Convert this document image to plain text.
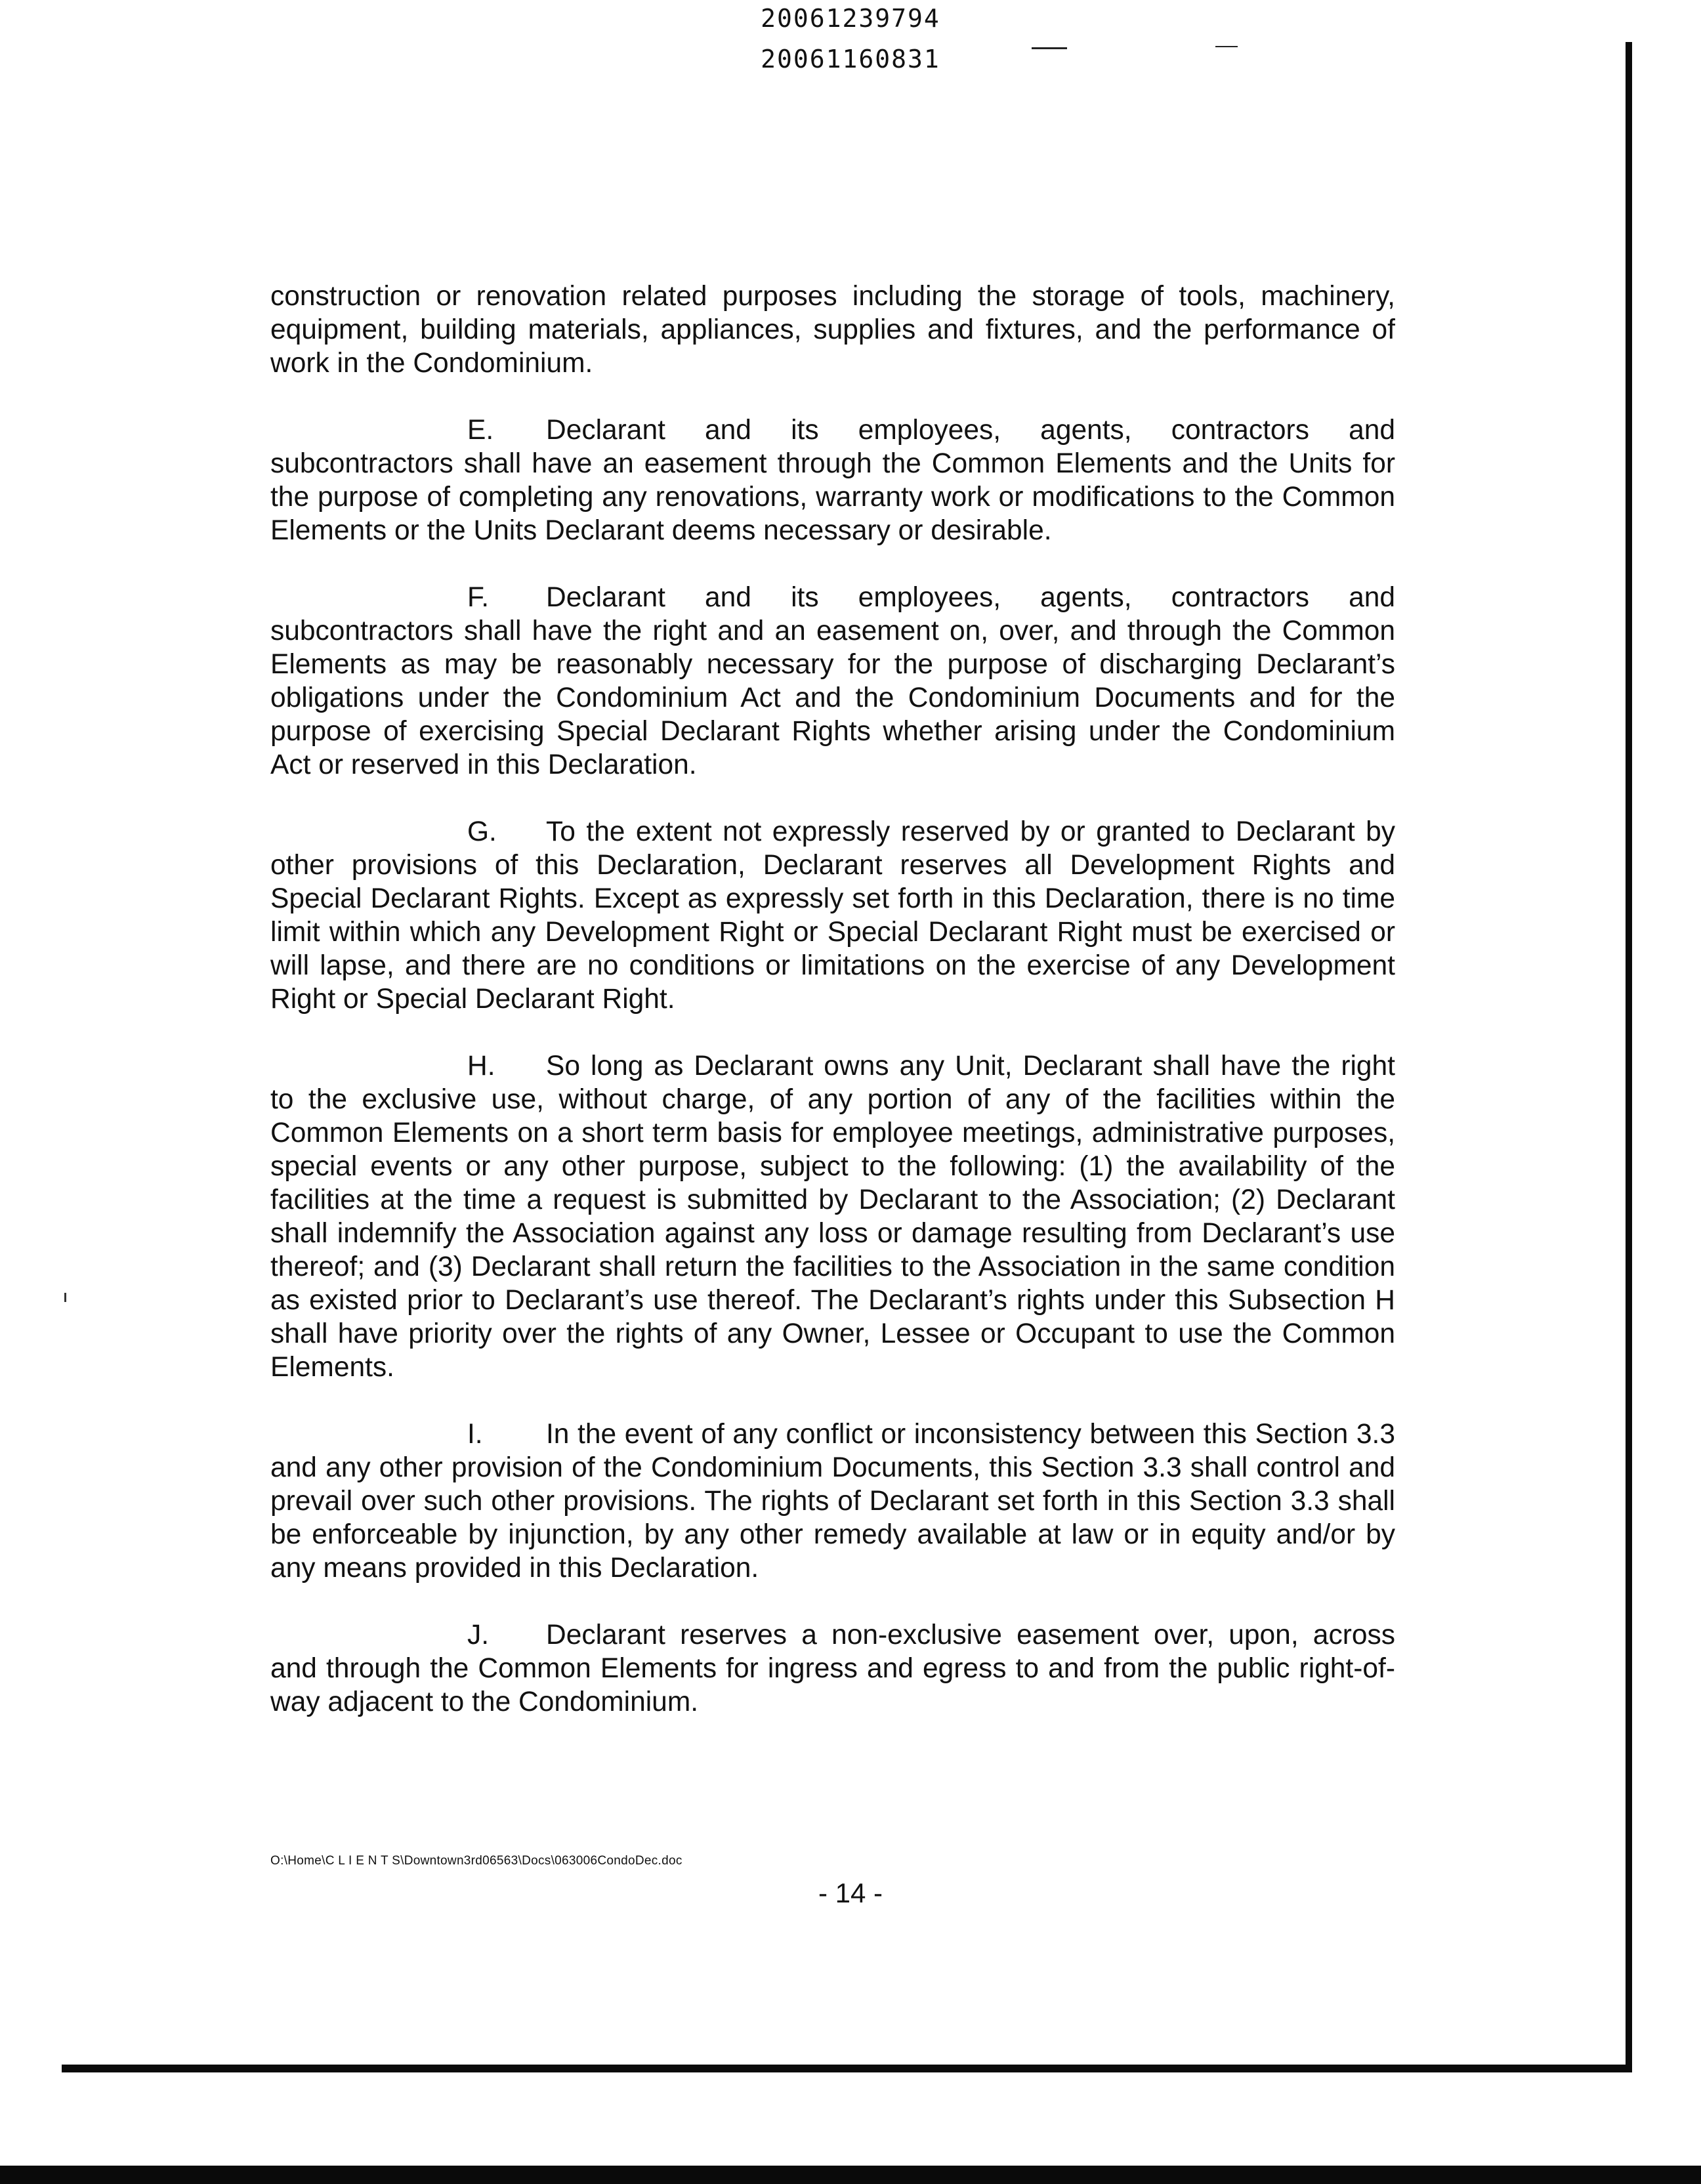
20061239794
20061160831

construction or renovation related purposes including the storage of tools, machinery, equipment, building materials, appliances, supplies and fixtures, and the performance of work in the Condominium.

E. Declarant and its employees, agents, contractors and subcontractors shall have an easement through the Common Elements and the Units for the purpose of completing any renovations, warranty work or modifications to the Common Elements or the Units Declarant deems necessary or desirable.

F. Declarant and its employees, agents, contractors and subcontractors shall have the right and an easement on, over, and through the Common Elements as may be reasonably necessary for the purpose of discharging Declarant’s obligations under the Condominium Act and the Condominium Documents and for the purpose of exercising Special Declarant Rights whether arising under the Condominium Act or reserved in this Declaration.

G. To the extent not expressly reserved by or granted to Declarant by other provisions of this Declaration, Declarant reserves all Development Rights and Special Declarant Rights. Except as expressly set forth in this Declaration, there is no time limit within which any Development Right or Special Declarant Right must be exercised or will lapse, and there are no conditions or limitations on the exercise of any Development Right or Special Declarant Right.

H. So long as Declarant owns any Unit, Declarant shall have the right to the exclusive use, without charge, of any portion of any of the facilities within the Common Elements on a short term basis for employee meetings, administrative purposes, special events or any other purpose, subject to the following: (1) the availability of the facilities at the time a request is submitted by Declarant to the Association; (2) Declarant shall indemnify the Association against any loss or damage resulting from Declarant’s use thereof; and (3) Declarant shall return the facilities to the Association in the same condition as existed prior to Declarant’s use thereof. The Declarant’s rights under this Subsection H shall have priority over the rights of any Owner, Lessee or Occupant to use the Common Elements.

I. In the event of any conflict or inconsistency between this Section 3.3 and any other provision of the Condominium Documents, this Section 3.3 shall control and prevail over such other provisions. The rights of Declarant set forth in this Section 3.3 shall be enforceable by injunction, by any other remedy available at law or in equity and/or by any means provided in this Declaration.

J. Declarant reserves a non-exclusive easement over, upon, across and through the Common Elements for ingress and egress to and from the public right-of-way adjacent to the Condominium.

O:\Home\C L I E N T S\Downtown3rd06563\Docs\063006CondoDec.doc
- 14 -
